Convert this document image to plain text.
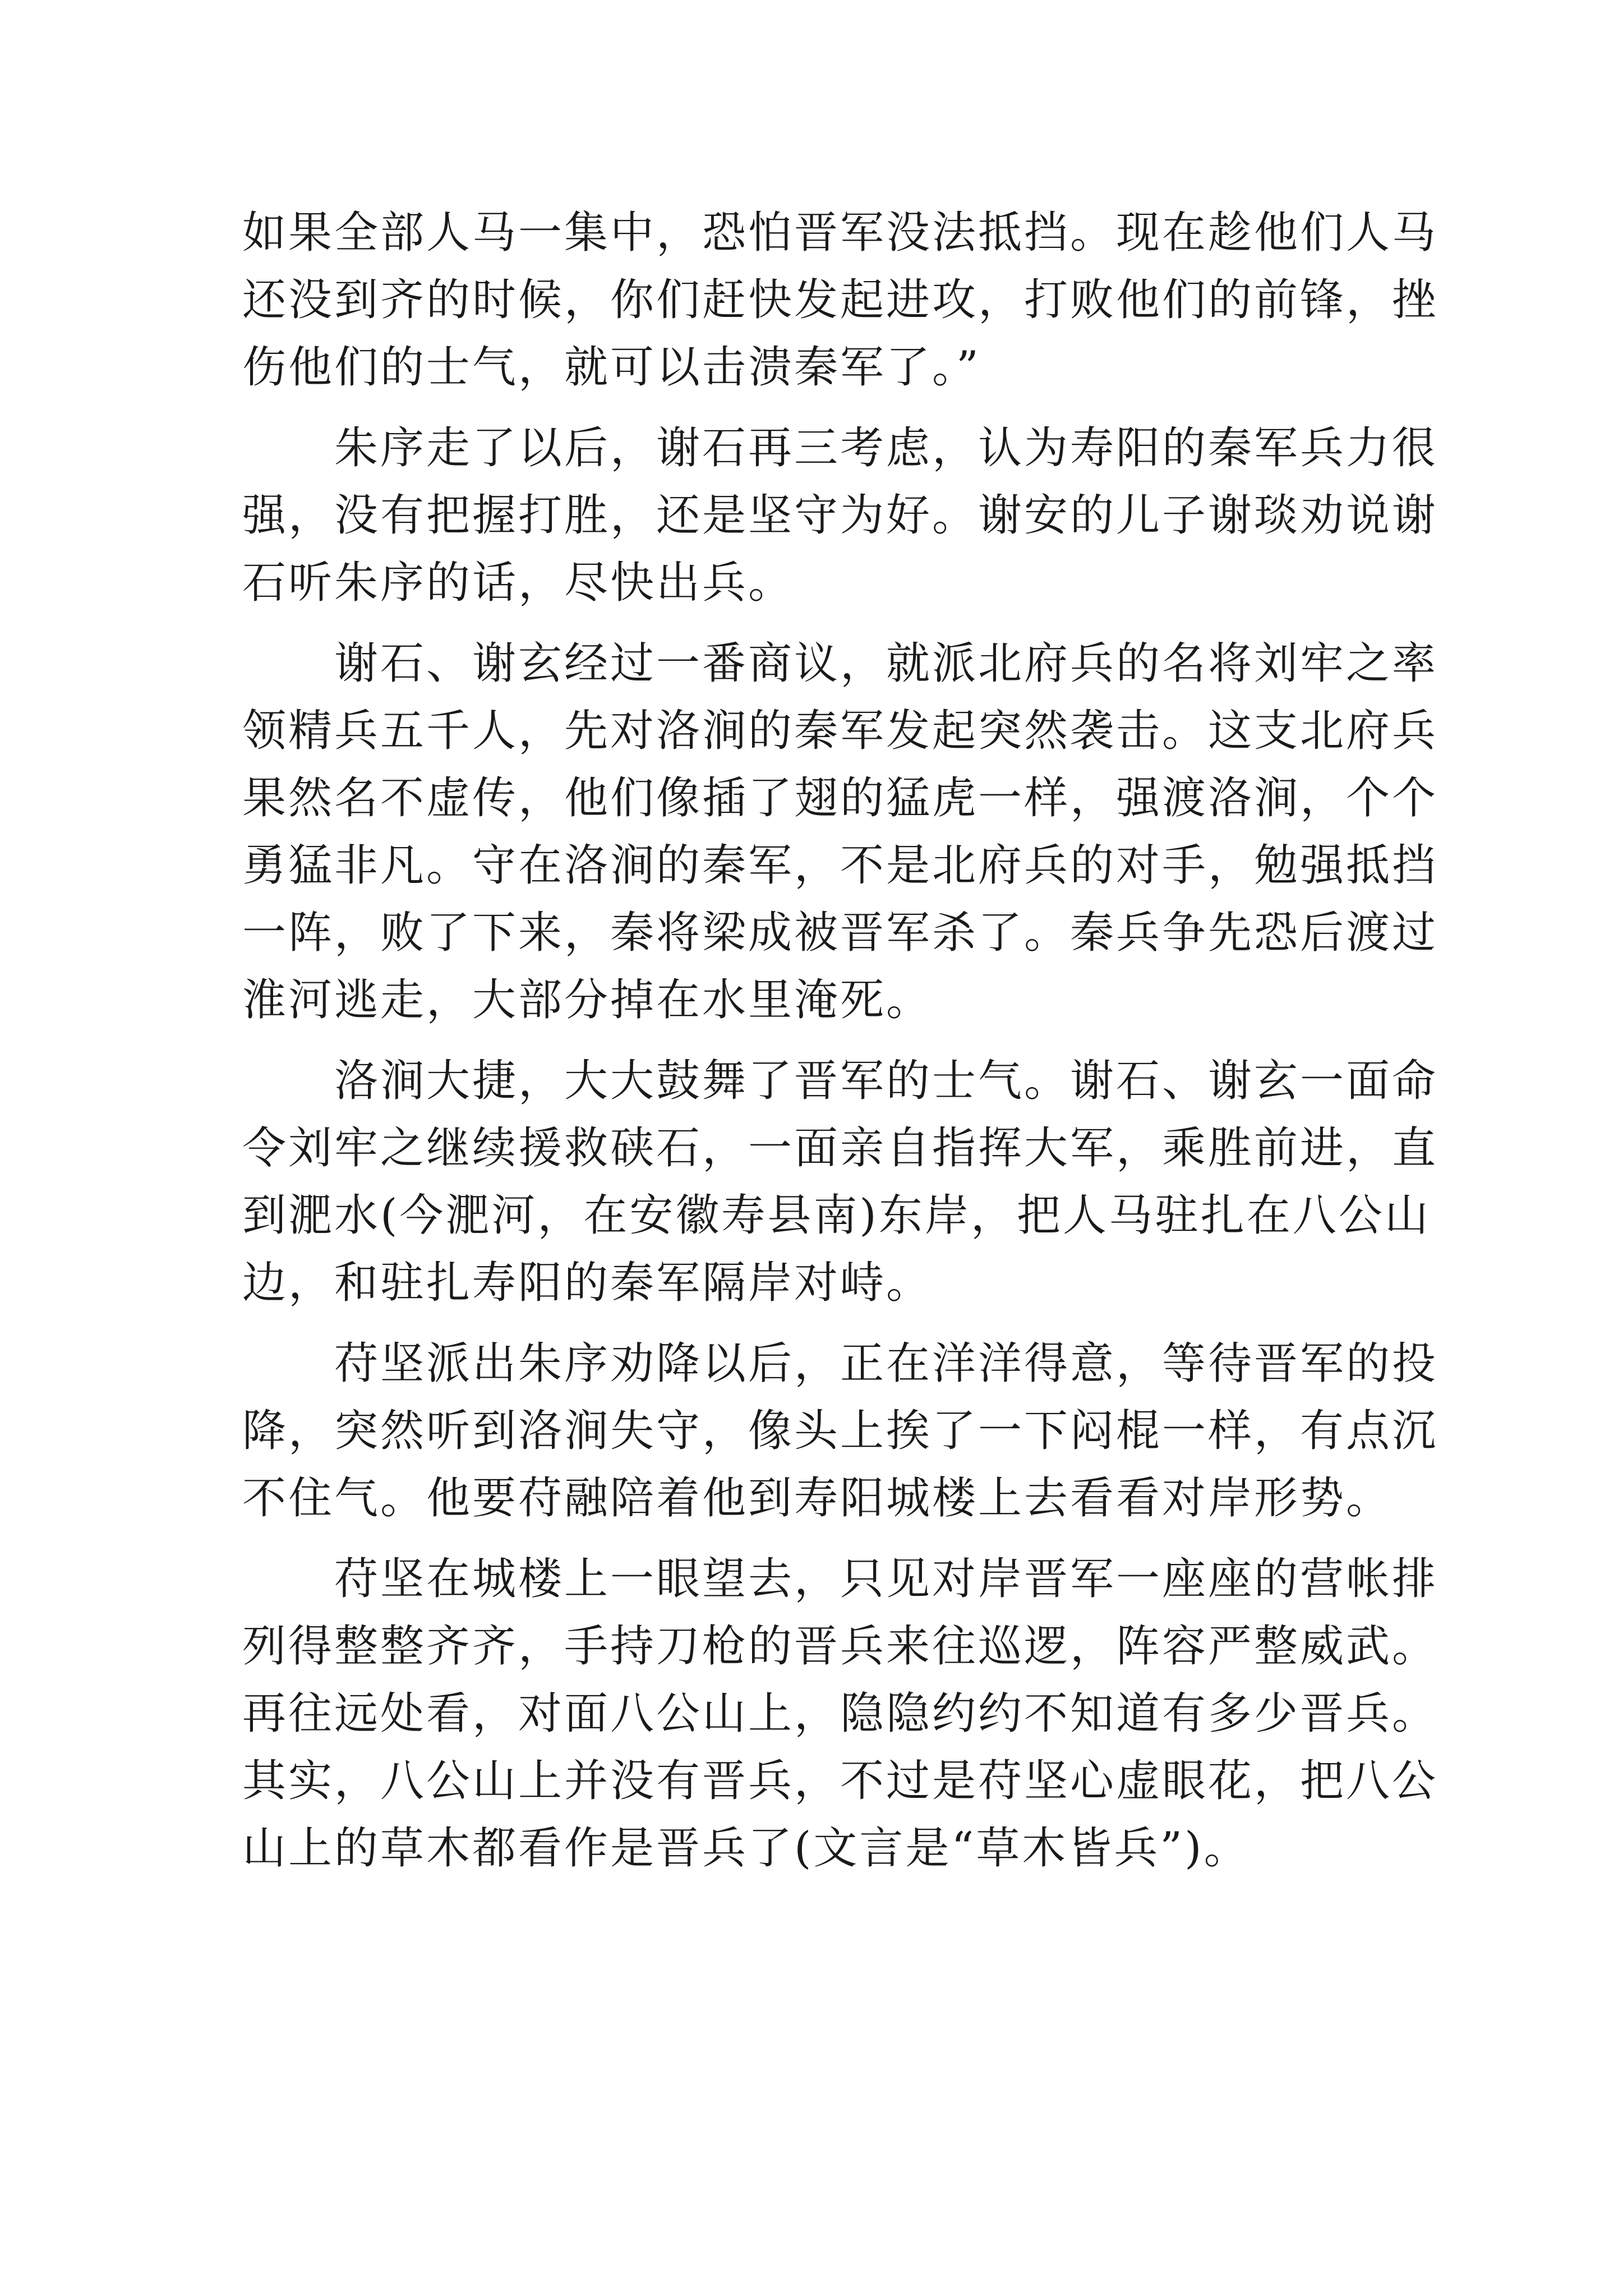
如果全部人马一集中，恐怕晋军没法抵挡。现在趁他们人马
还没到齐的时候，你们赶快发起进攻，打败他们的前锋，挫
伤他们的士气，就可以击溃秦军了。”
　　朱序走了以后，谢石再三考虑，认为寿阳的秦军兵力很
强，没有把握打胜，还是坚守为好。谢安的儿子谢琰劝说谢
石听朱序的话，尽快出兵。
　　谢石、谢玄经过一番商议，就派北府兵的名将刘牢之率
领精兵五千人，先对洛涧的秦军发起突然袭击。这支北府兵
果然名不虚传，他们像插了翅的猛虎一样，强渡洛涧，个个
勇猛非凡。守在洛涧的秦军，不是北府兵的对手，勉强抵挡
一阵，败了下来，秦将梁成被晋军杀了。秦兵争先恐后渡过
淮河逃走，大部分掉在水里淹死。
　　洛涧大捷，大大鼓舞了晋军的士气。谢石、谢玄一面命
令刘牢之继续援救硖石，一面亲自指挥大军，乘胜前进，直
到淝水(今淝河，在安徽寿县南)东岸，把人马驻扎在八公山
边，和驻扎寿阳的秦军隔岸对峙。
　　苻坚派出朱序劝降以后，正在洋洋得意，等待晋军的投
降，突然听到洛涧失守，像头上挨了一下闷棍一样，有点沉
不住气。他要苻融陪着他到寿阳城楼上去看看对岸形势。
　　苻坚在城楼上一眼望去，只见对岸晋军一座座的营帐排
列得整整齐齐，手持刀枪的晋兵来往巡逻，阵容严整威武。
再往远处看，对面八公山上，隐隐约约不知道有多少晋兵。
其实，八公山上并没有晋兵，不过是苻坚心虚眼花，把八公
山上的草木都看作是晋兵了(文言是“草木皆兵”)。
